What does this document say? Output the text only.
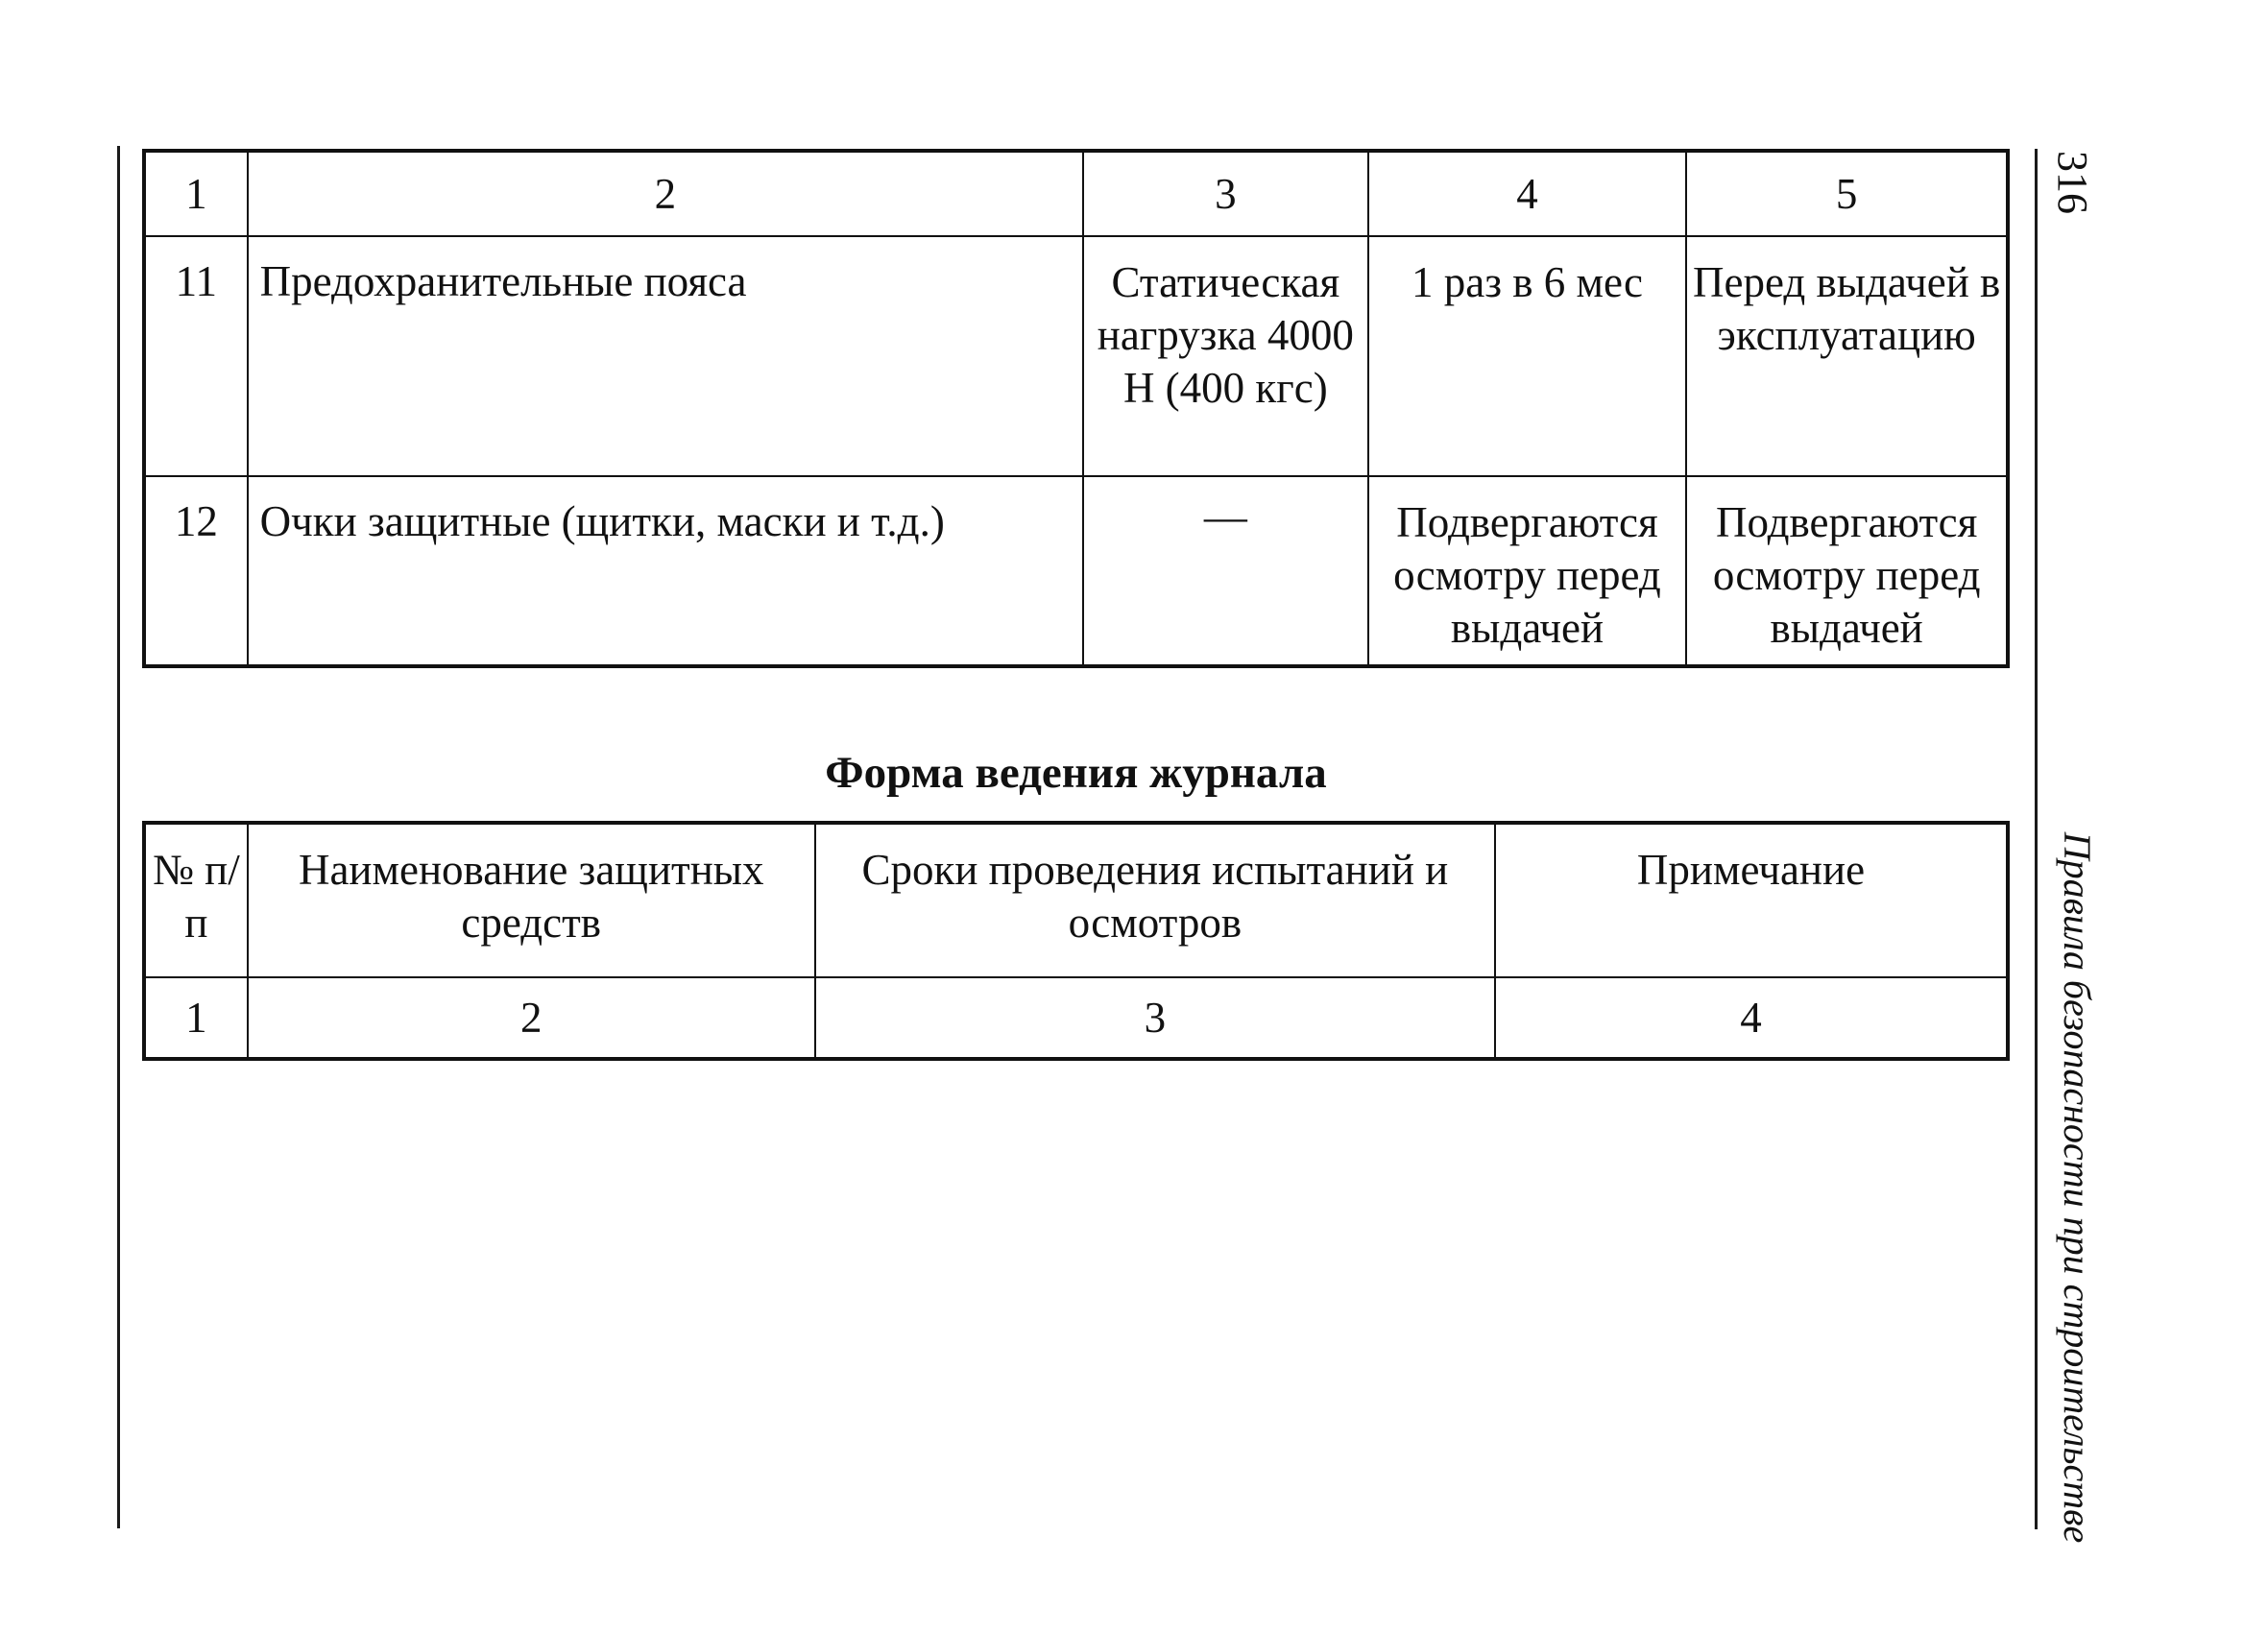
316
Правила безопасности при строительстве
1	2	3	4	5
11	Предохранительные пояса	Статическая нагрузка 4000 Н (400 кгс)	1 раз в 6 мес	Перед выдачей в эксплуатацию
12	Очки защитные (щитки, маски и т.д.)	—	Подвергаются осмотру перед выдачей	Подвергаются осмотру перед выдачей
Форма ведения журнала
№ п/п	Наименование защитных средств	Сроки проведения испытаний и осмотров	Примечание
1	2	3	4
